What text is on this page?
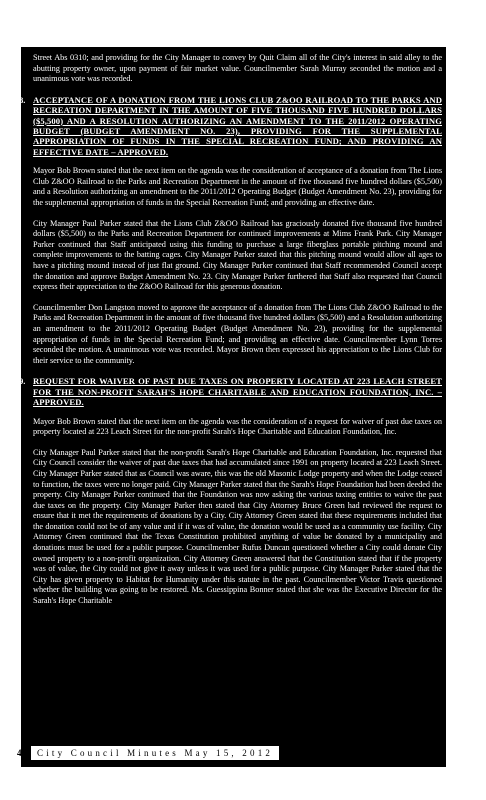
Street Abs 0310; and providing for the City Manager to convey by Quit Claim all of the City's interest in said alley to the abutting property owner, upon payment of fair market value. Councilmember Sarah Murray seconded the motion and a unanimous vote was recorded.

8. ACCEPTANCE OF A DONATION FROM THE LIONS CLUB Z&OO RAILROAD TO THE PARKS AND RECREATION DEPARTMENT IN THE AMOUNT OF FIVE THOUSAND FIVE HUNDRED DOLLARS ($5,500) AND A RESOLUTION AUTHORIZING AN AMENDMENT TO THE 2011/2012 OPERATING BUDGET (BUDGET AMENDMENT NO. 23), PROVIDING FOR THE SUPPLEMENTAL APPROPRIATION OF FUNDS IN THE SPECIAL RECREATION FUND; AND PROVIDING AN EFFECTIVE DATE – APPROVED.

Mayor Bob Brown stated that the next item on the agenda was the consideration of acceptance of a donation from The Lions Club Z&OO Railroad to the Parks and Recreation Department in the amount of five thousand five hundred dollars ($5,500) and a Resolution authorizing an amendment to the 2011/2012 Operating Budget (Budget Amendment No. 23), providing for the supplemental appropriation of funds in the Special Recreation Fund; and providing an effective date.

City Manager Paul Parker stated that the Lions Club Z&OO Railroad has graciously donated five thousand five hundred dollars ($5,500) to the Parks and Recreation Department for continued improvements at Mims Frank Park. City Manager Parker continued that Staff anticipated using this funding to purchase a large fiberglass portable pitching mound and complete improvements to the batting cages. City Manager Parker stated that this pitching mound would allow all ages to have a pitching mound instead of just flat ground. City Manager Parker continued that Staff recommended Council accept the donation and approve Budget Amendment No. 23. City Manager Parker furthered that Staff also requested that Council express their appreciation to the Z&OO Railroad for this generous donation.

Councilmember Don Langston moved to approve the acceptance of a donation from The Lions Club Z&OO Railroad to the Parks and Recreation Department in the amount of five thousand five hundred dollars ($5,500) and a Resolution authorizing an amendment to the 2011/2012 Operating Budget (Budget Amendment No. 23), providing for the supplemental appropriation of funds in the Special Recreation Fund; and providing an effective date. Councilmember Lynn Torres seconded the motion. A unanimous vote was recorded. Mayor Brown then expressed his appreciation to the Lions Club for their service to the community.

9. REQUEST FOR WAIVER OF PAST DUE TAXES ON PROPERTY LOCATED AT 223 LEACH STREET FOR THE NON-PROFIT SARAH'S HOPE CHARITABLE AND EDUCATION FOUNDATION, INC. – APPROVED.

Mayor Bob Brown stated that the next item on the agenda was the consideration of a request for waiver of past due taxes on property located at 223 Leach Street for the non-profit Sarah's Hope Charitable and Education Foundation, Inc.

City Manager Paul Parker stated that the non-profit Sarah's Hope Charitable and Education Foundation, Inc. requested that City Council consider the waiver of past due taxes that had accumulated since 1991 on property located at 223 Leach Street. City Manager Parker stated that as Council was aware, this was the old Masonic Lodge property and when the Lodge ceased to function, the taxes were no longer paid. City Manager Parker stated that the Sarah's Hope Foundation had been deeded the property. City Manager Parker continued that the Foundation was now asking the various taxing entities to waive the past due taxes on the property. City Manager Parker then stated that City Attorney Bruce Green had reviewed the request to ensure that it met the requirements of donations by a City. City Attorney Green stated that these requirements included that the donation could not be of any value and if it was of value, the donation would be used as a community use facility. City Attorney Green continued that the Texas Constitution prohibited anything of value be donated by a municipality and donations must be used for a public purpose. Councilmember Rufus Duncan questioned whether a City could donate City owned property to a non-profit organization. City Attorney Green answered that the Constitution stated that if the property was of value, the City could not give it away unless it was used for a public purpose. City Manager Parker stated that the City has given property to Habitat for Humanity under this statute in the past. Councilmember Victor Travis questioned whether the building was going to be restored. Ms. Guessippina Bonner stated that she was the Executive Director for the Sarah's Hope Charitable

4	City Council Minutes May 15, 2012
